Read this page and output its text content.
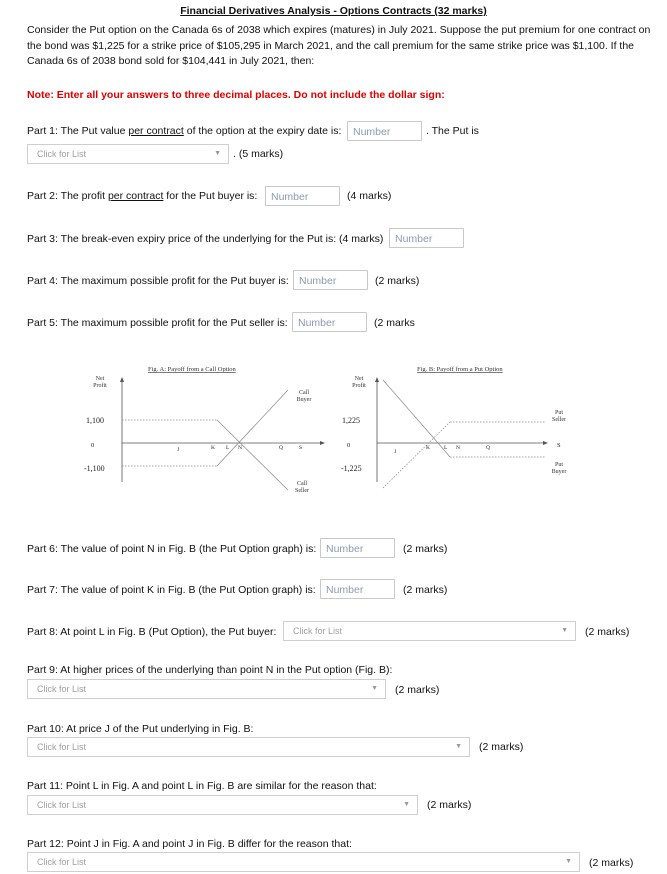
Financial Derivatives Analysis - Options Contracts (32 marks)
Consider the Put option on the Canada 6s of 2038 which expires (matures) in July 2021. Suppose the put premium for one contract on the bond was $1,225 for a strike price of $105,295 in March 2021, and the call premium for the same strike price was $1,100. If the Canada 6s of 2038 bond sold for $104,441 in July 2021, then:
Note: Enter all your answers to three decimal places. Do not include the dollar sign:
Part 1: The Put value per contract of the option at the expiry date is:	Number	. The Put is
Click for List	▼ . (5 marks)
Part 2: The profit per contract for the Put buyer is:	Number	(4 marks)
Part 3: The break-even expiry price of the underlying for the Put is: (4 marks)	Number
Part 4: The maximum possible profit for the Put buyer is: Number	(2 marks)
Part 5: The maximum possible profit for the Put seller is: Number	(2 marks
Fig. A: Payoff from a Call Option
Net
Profit
1,100
0
-1,100
J	K L N	Q	S
Call
Buyer
Call
Seller
Fig. B: Payoff from a Put Option
Net
Profit
1,225
0
-1,225
J
K	L N	Q	S
Put
Seller
Put
Buyer
Part 6: The value of point N in Fig. B (the Put Option graph) is: Number	(2 marks)
Part 7: The value of point K in Fig. B (the Put Option graph) is: Number	(2 marks)
Part 8: At point L in Fig. B (Put Option), the Put buyer:	Click for List	▼ (2 marks)
Part 9: At higher prices of the underlying than point N in the Put option (Fig. B):
Click for List	▼ (2 marks)
Part 10: At price J of the Put underlying in Fig. B:
Click for List	▼ (2 marks)
Part 11: Point L in Fig. A and point L in Fig. B are similar for the reason that:
Click for List	▼ (2 marks)
Part 12: Point J in Fig. A and point J in Fig. B differ for the reason that:
Click for List	▼ (2 marks)
